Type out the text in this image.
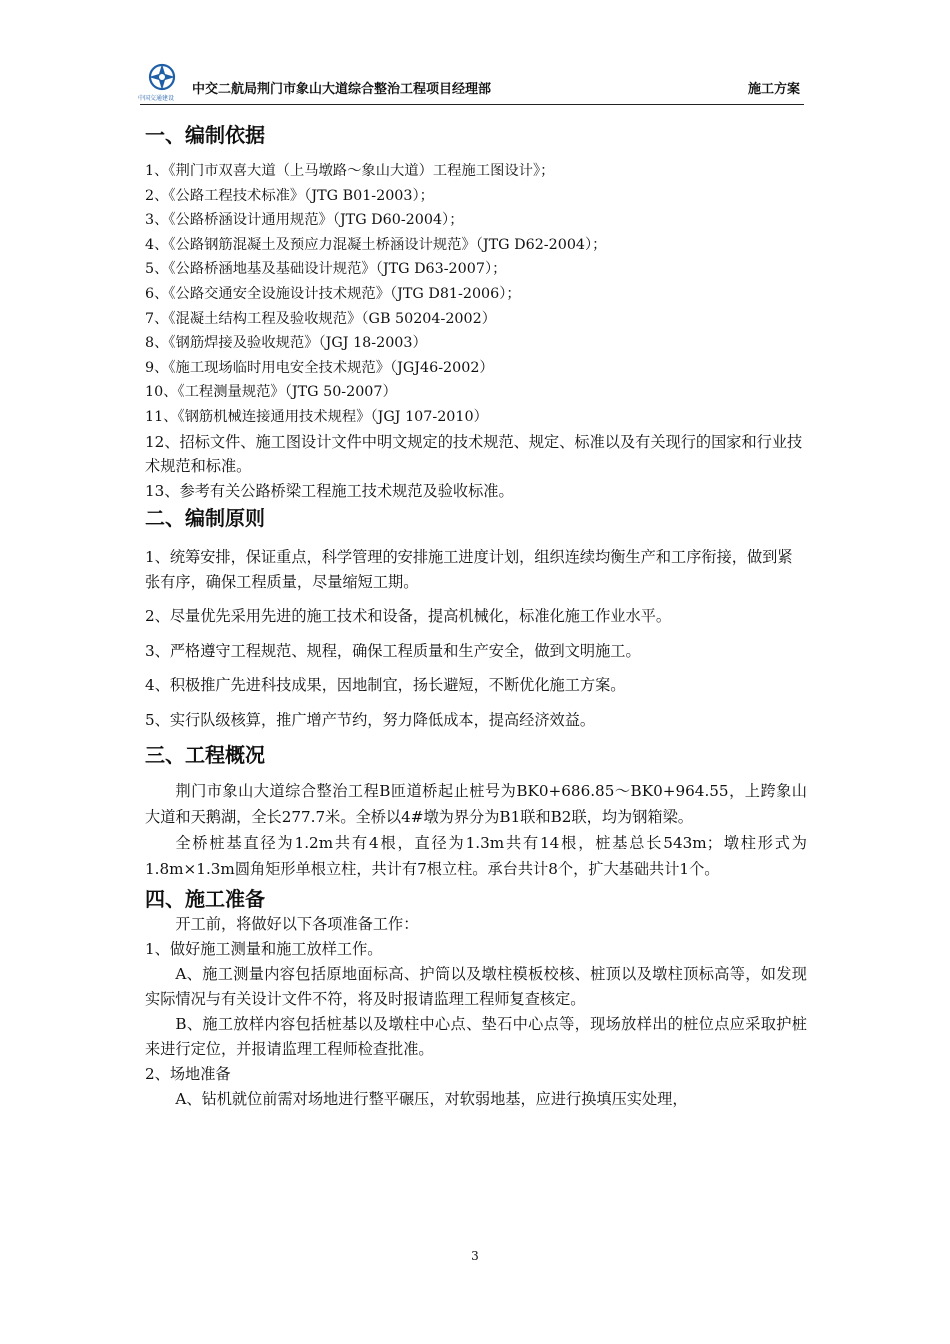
中国交通建设
中交二航局荆门市象山大道综合整治工程项目经理部	施工方案
一、编制依据
1、《荆门市双喜大道（上马墩路～象山大道）工程施工图设计》；
2、《公路工程技术标准》（JTG B01-2003）；
3、《公路桥涵设计通用规范》（JTG D60-2004）；
4、《公路钢筋混凝土及预应力混凝土桥涵设计规范》（JTG D62-2004）；
5、《公路桥涵地基及基础设计规范》（JTG D63-2007）；
6、《公路交通安全设施设计技术规范》（JTG D81-2006）；
7、《混凝土结构工程及验收规范》（GB 50204-2002）
8、《钢筋焊接及验收规范》（JGJ 18-2003）
9、《施工现场临时用电安全技术规范》（JGJ46-2002）
10、《工程测量规范》（JTG 50-2007）
11、《钢筋机械连接通用技术规程》（JGJ 107-2010）
12、招标文件、施工图设计文件中明文规定的技术规范、规定、标准以及有关现行的国家和行业技术规范和标准。
13、参考有关公路桥梁工程施工技术规范及验收标准。
二、编制原则
1、统筹安排，保证重点，科学管理的安排施工进度计划，组织连续均衡生产和工序衔接，做到紧张有序，确保工程质量，尽量缩短工期。
2、尽量优先采用先进的施工技术和设备，提高机械化，标准化施工作业水平。
3、严格遵守工程规范、规程，确保工程质量和生产安全，做到文明施工。
4、积极推广先进科技成果，因地制宜，扬长避短，不断优化施工方案。
5、实行队级核算，推广增产节约，努力降低成本，提高经济效益。
三、工程概况
荆门市象山大道综合整治工程B匝道桥起止桩号为BK0+686.85～BK0+964.55，上跨象山大道和天鹅湖，全长277.7米。全桥以4#墩为界分为B1联和B2联，均为钢箱梁。
全桥桩基直径为1.2m共有4根，直径为1.3m共有14根，桩基总长543m；墩柱形式为1.8m×1.3m圆角矩形单根立柱，共计有7根立柱。承台共计8个，扩大基础共计1个。
四、施工准备
开工前，将做好以下各项准备工作：
1、做好施工测量和施工放样工作。
A、施工测量内容包括原地面标高、护筒以及墩柱模板校核、桩顶以及墩柱顶标高等，如发现实际情况与有关设计文件不符，将及时报请监理工程师复查核定。
B、施工放样内容包括桩基以及墩柱中心点、垫石中心点等，现场放样出的桩位点应采取护桩来进行定位，并报请监理工程师检查批准。
2、场地准备
A、钻机就位前需对场地进行整平碾压，对软弱地基，应进行换填压实处理，
3
